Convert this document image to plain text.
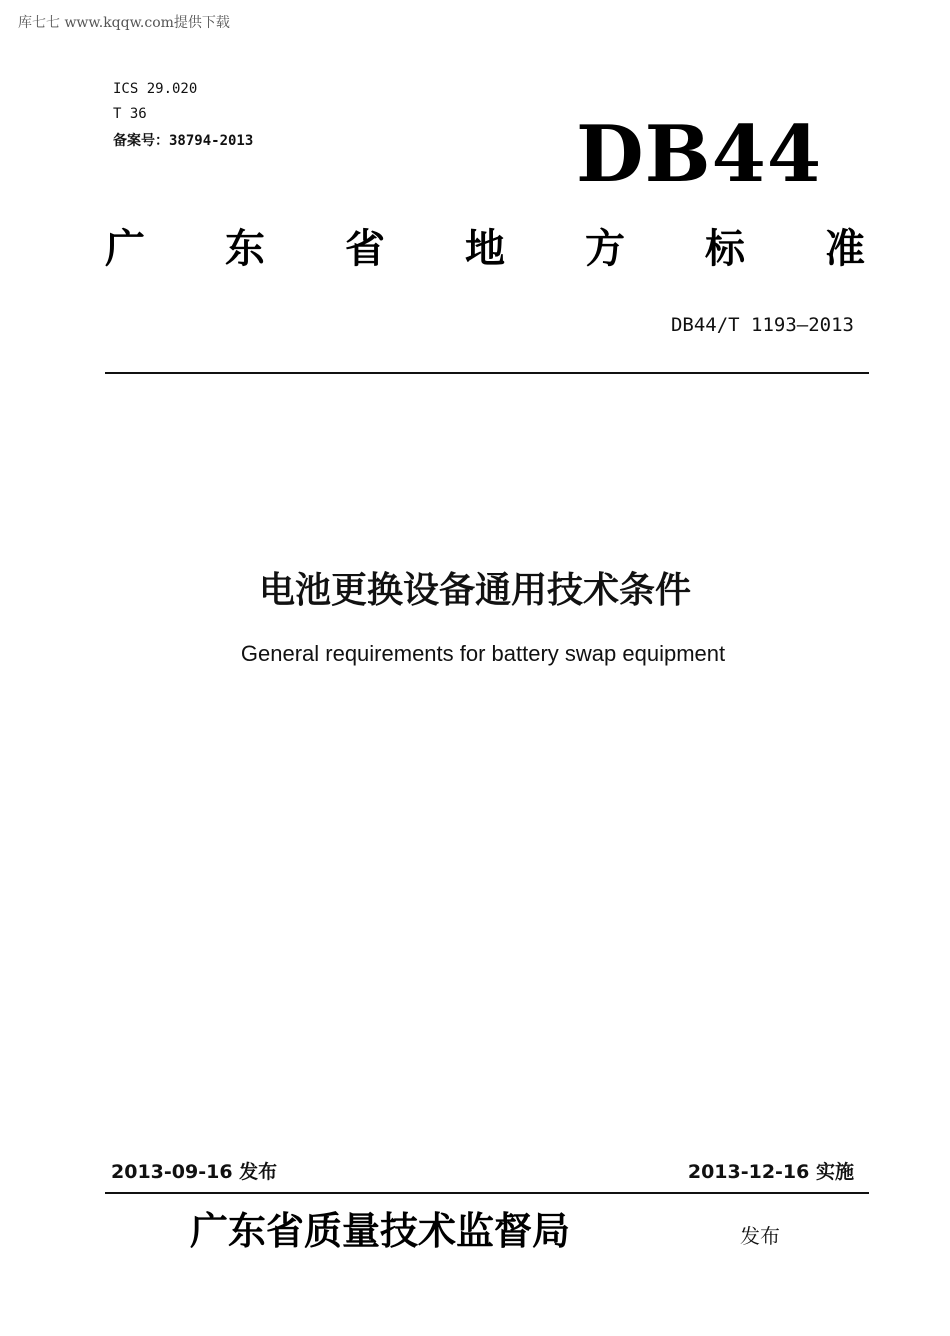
库七七 www.kqqw.com提供下载
ICS 29.020
T 36
备案号：38794-2013	DB44
广 东 省 地 方 标 准
DB44/T 1193—2013
电池更换设备通用技术条件
General requirements for battery swap equipment
2013-09-16 发布	2013-12-16 实施
广东省质量技术监督局	发布
